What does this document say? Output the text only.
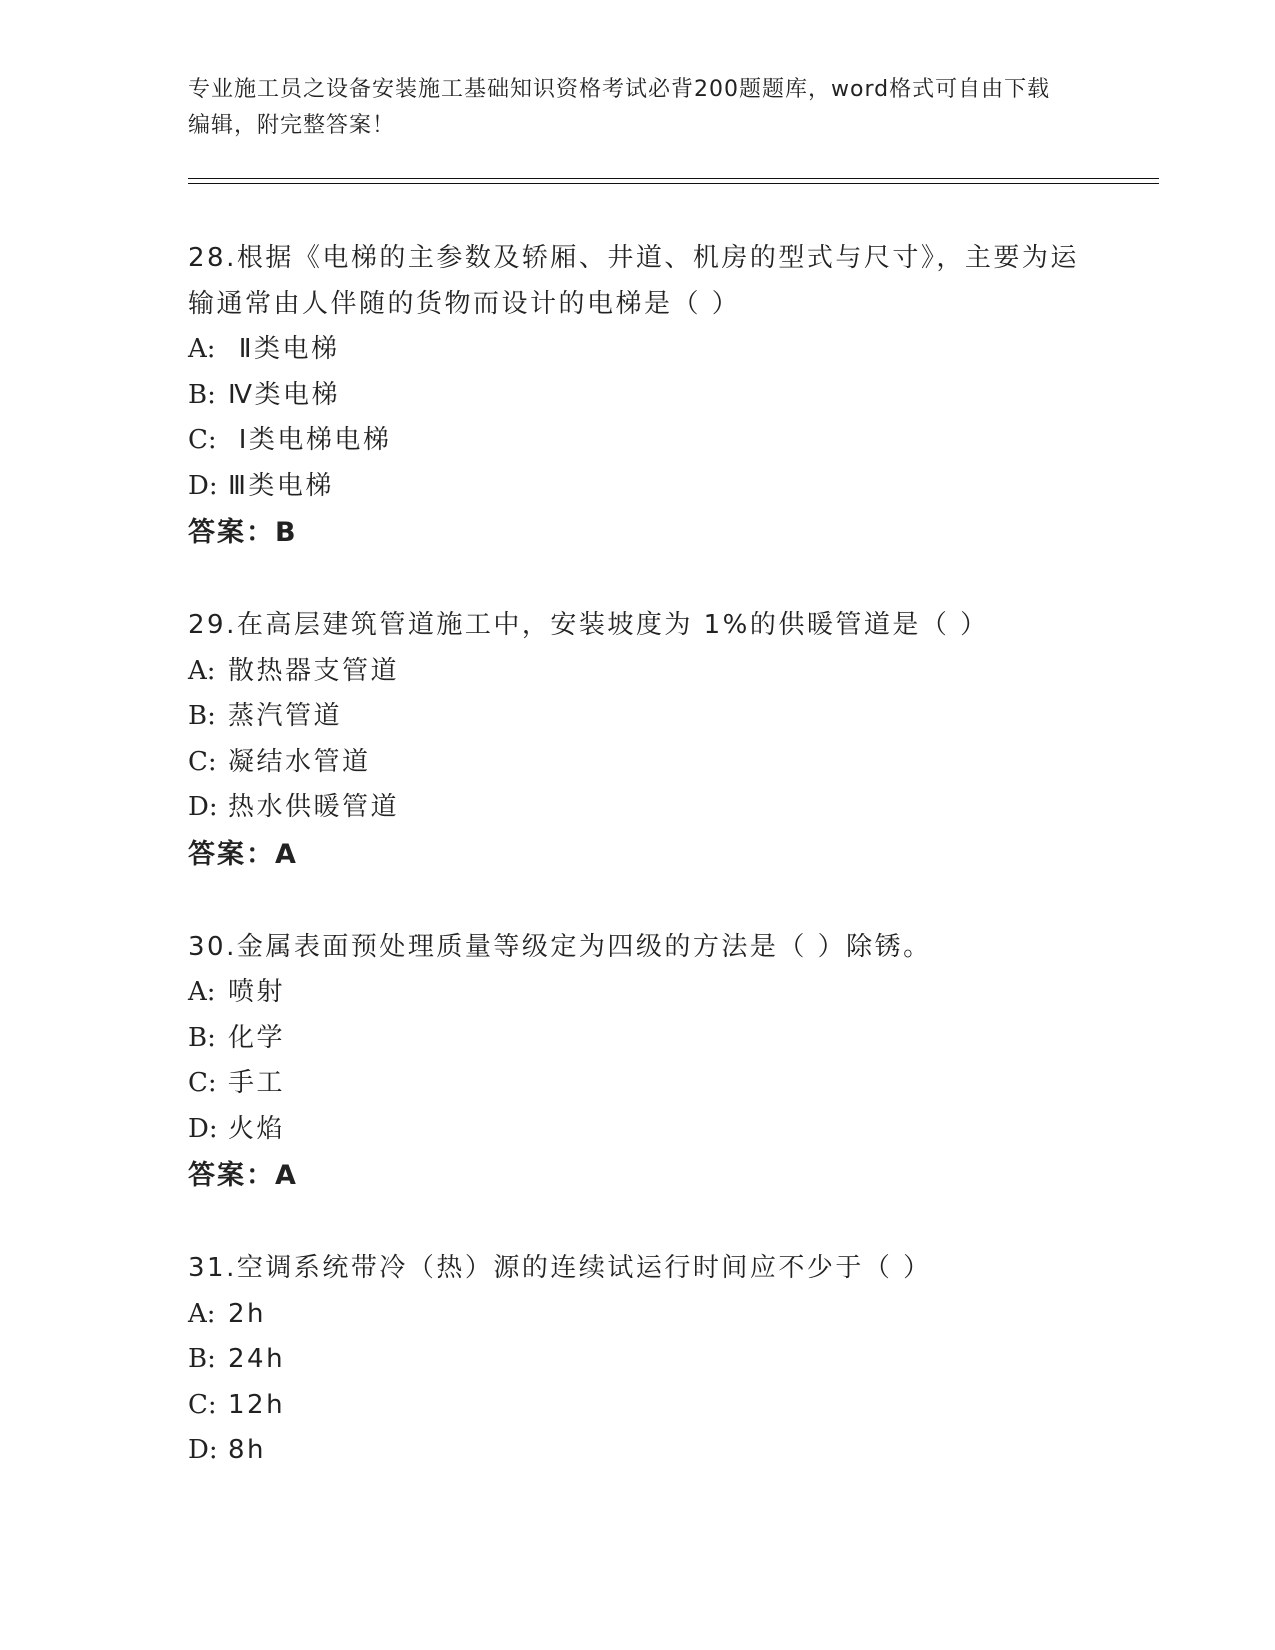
专业施工员之设备安装施工基础知识资格考试必背200题题库，word格式可自由下载编辑，附完整答案！
28.根据《电梯的主参数及轿厢、井道、机房的型式与尺寸》，主要为运输通常由人伴随的货物而设计的电梯是（ ）
A: Ⅱ类电梯
B: Ⅳ类电梯
C: Ⅰ类电梯电梯
D: Ⅲ类电梯
答案：B
29.在高层建筑管道施工中，安装坡度为 1%的供暖管道是（ ）
A: 散热器支管道
B: 蒸汽管道
C: 凝结水管道
D: 热水供暖管道
答案：A
30.金属表面预处理质量等级定为四级的方法是（ ）除锈。
A: 喷射
B: 化学
C: 手工
D: 火焰
答案：A
31.空调系统带冷（热）源的连续试运行时间应不少于（ ）
A: 2h
B: 24h
C: 12h
D: 8h
